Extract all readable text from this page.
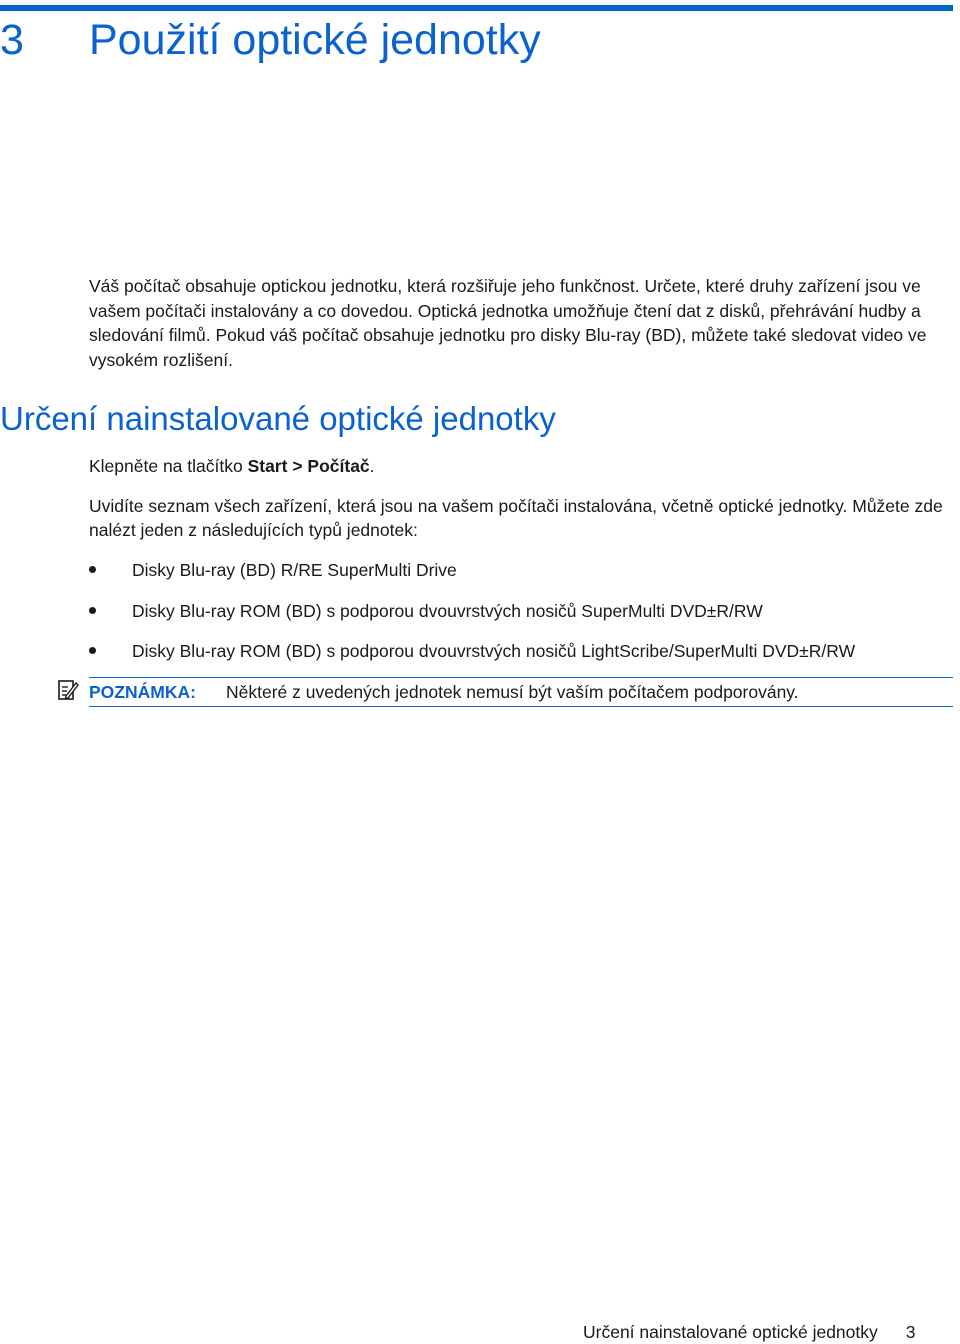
3 Použití optické jednotky

Váš počítač obsahuje optickou jednotku, která rozšiřuje jeho funkčnost. Určete, které druhy zařízení jsou ve vašem počítači instalovány a co dovedou. Optická jednotka umožňuje čtení dat z disků, přehrávání hudby a sledování filmů. Pokud váš počítač obsahuje jednotku pro disky Blu-ray (BD), můžete také sledovat video ve vysokém rozlišení.

Určení nainstalované optické jednotky

Klepněte na tlačítko Start > Počítač.

Uvidíte seznam všech zařízení, která jsou na vašem počítači instalována, včetně optické jednotky. Můžete zde nalézt jeden z následujících typů jednotek:

Disky Blu-ray (BD) R/RE SuperMulti Drive
Disky Blu-ray ROM (BD) s podporou dvouvrstvých nosičů SuperMulti DVD±R/RW
Disky Blu-ray ROM (BD) s podporou dvouvrstvých nosičů LightScribe/SuperMulti DVD±R/RW
POZNÁMKA: Některé z uvedených jednotek nemusí být vaším počítačem podporovány.
Určení nainstalované optické jednotky 3
